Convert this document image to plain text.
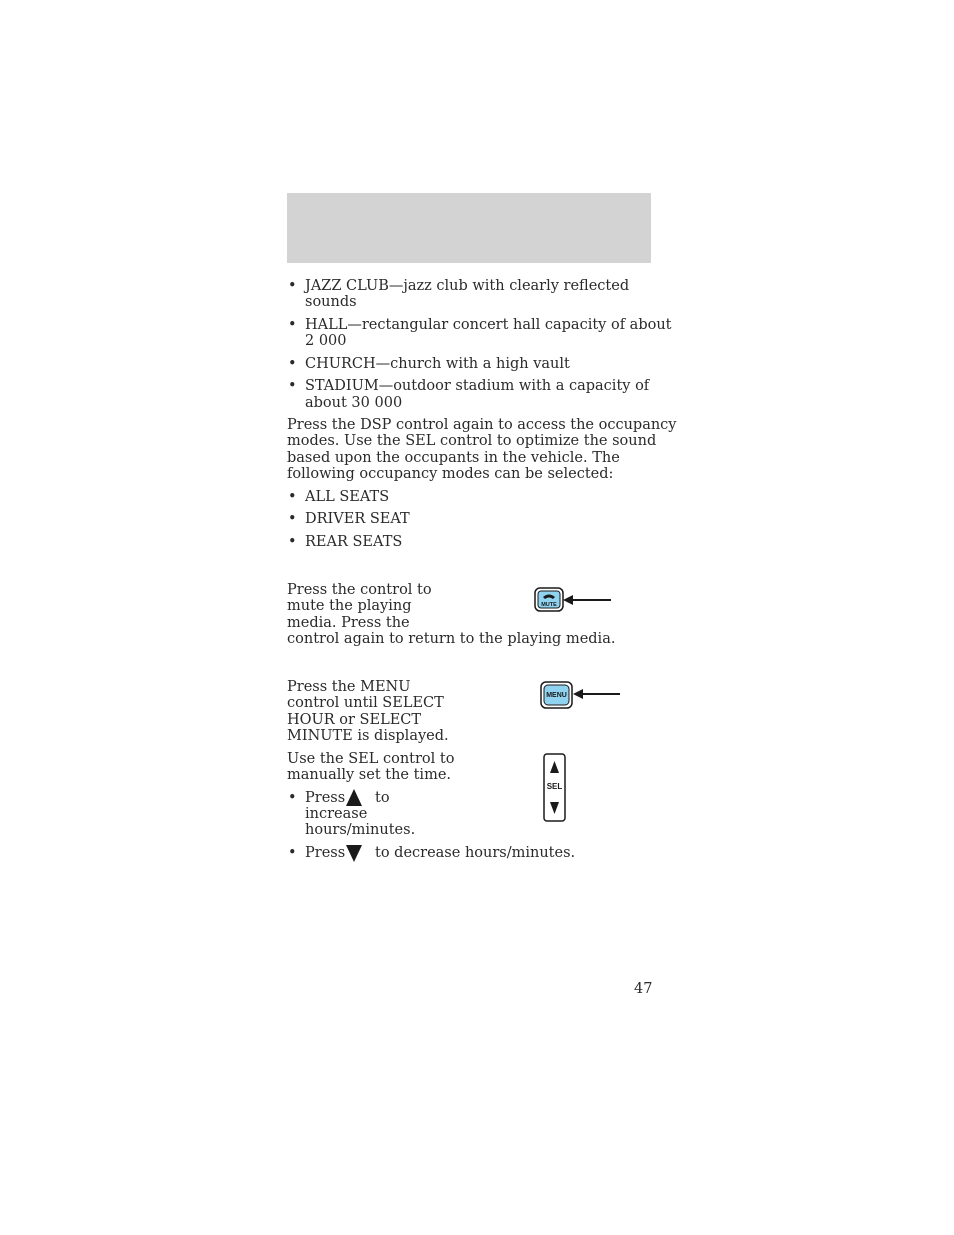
• JAZZ CLUB—jazz club with clearly reflected
sounds
• HALL—rectangular concert hall capacity of about
2 000
• CHURCH—church with a high vault
• STADIUM—outdoor stadium with a capacity of
about 30 000
Press the DSP control again to access the occupancy
modes. Use the SEL control to optimize the sound
based upon the occupants in the vehicle. The
following occupancy modes can be selected:
• ALL SEATS
• DRIVER SEAT
• REAR SEATS
Press the control to
mute the playing
media. Press the
control again to return to the playing media.
MUTE
Press the MENU
control until SELECT
HOUR or SELECT
MINUTE is displayed.
MENU
Use the SEL control to
manually set the time.
SEL
• Press to
increase
hours/minutes.
• Press to decrease hours/minutes.
47
